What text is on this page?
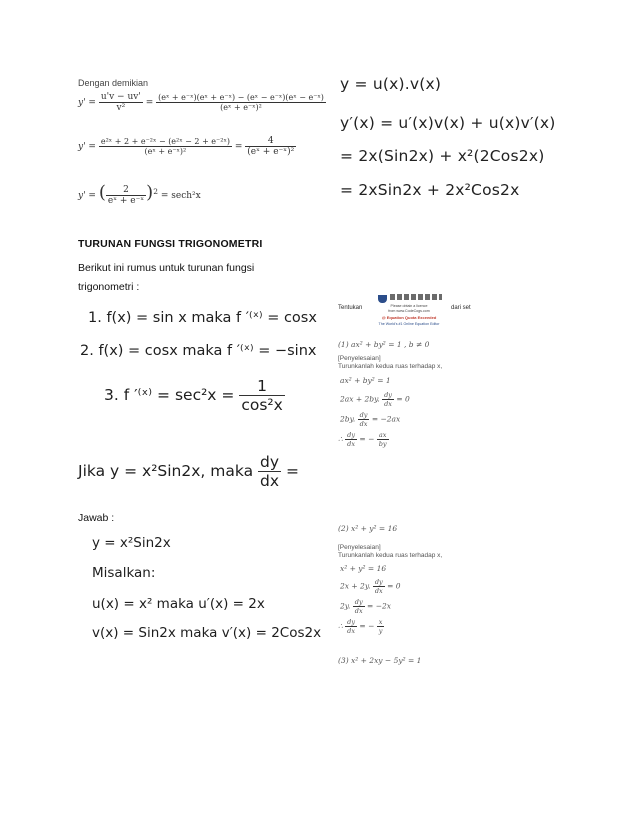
Dengan demikian
$y' = \frac{u'v - uv'}{\text{v²}} = \frac{\text{(eˣ + e⁻ˣ)(eˣ + e⁻ˣ) − (eˣ − e⁻ˣ)(eˣ − e⁻ˣ)}}{\text{(eˣ + e⁻ˣ)²}}$
$y' = \frac{\text{e²ˣ + 2 + e⁻²ˣ − (e²ˣ − 2 + e⁻²ˣ)}}{\text{(eˣ + e⁻ˣ)²}} = \frac{4}{\text{(eˣ + e⁻ˣ)²}}$
y' = ( $\frac{2}{\text{eˣ + e⁻ˣ}} )^2 = \sec h^2x$
y = u(x).v(x)
y′(x) = u′(x)v(x) + u(x)v′(x)
= 2x(Sin2x) + x²(2Cos2x)
= 2xSin2x + 2x²Cos2x
TURUNAN FUNGSI TRIGONOMETRI
Berikut ini rumus untuk turunan fungsi
trigonometri :
1. f(x) = sin x maka f ′⁽ˣ⁾ = cosx
2. f(x) = cosx maka f ′⁽ˣ⁾ = −sinx
3. f ′⁽ˣ⁾ = $\sec^2x = \frac{1}{\text{cos²x}}$
Jika y = x²Sin2x, maka $\frac{dy}{dx}$ =
Jawab :
y = x²Sin2x
Misalkan:
u(x) = x² maka u′(x) = 2x
v(x) = Sin2x maka v′(x) = 2Cos2x
Tentukan	dari set
Please obtain a licence
from www.CodeCogs.com
@ Equation Quota Exceeded
The World's #1 Online Equation Editor
(1) ax² + by² = 1 , b ≠ 0
[Penyelesaian]
Turunkanlah kedua ruas terhadap x,
ax² + by² = 1
2ax + 2by. $\frac{dy}{dx} = 0$
2by. $\frac{dy}{dx} = -2ax$
∴ $\frac{dy}{dx}$ = − $\frac{ax}{by}$
(2) x² + y² = 16
[Penyelesaian]
Turunkanlah kedua ruas terhadap x,
x² + y² = 16
2x + 2y. $\frac{dy}{dx} = 0$
2y. $\frac{dy}{dx} = -2x$
∴ $\frac{dy}{dx}$ = − $\frac{x}{y}$
(3) x² + 2xy − 5y² = 1
